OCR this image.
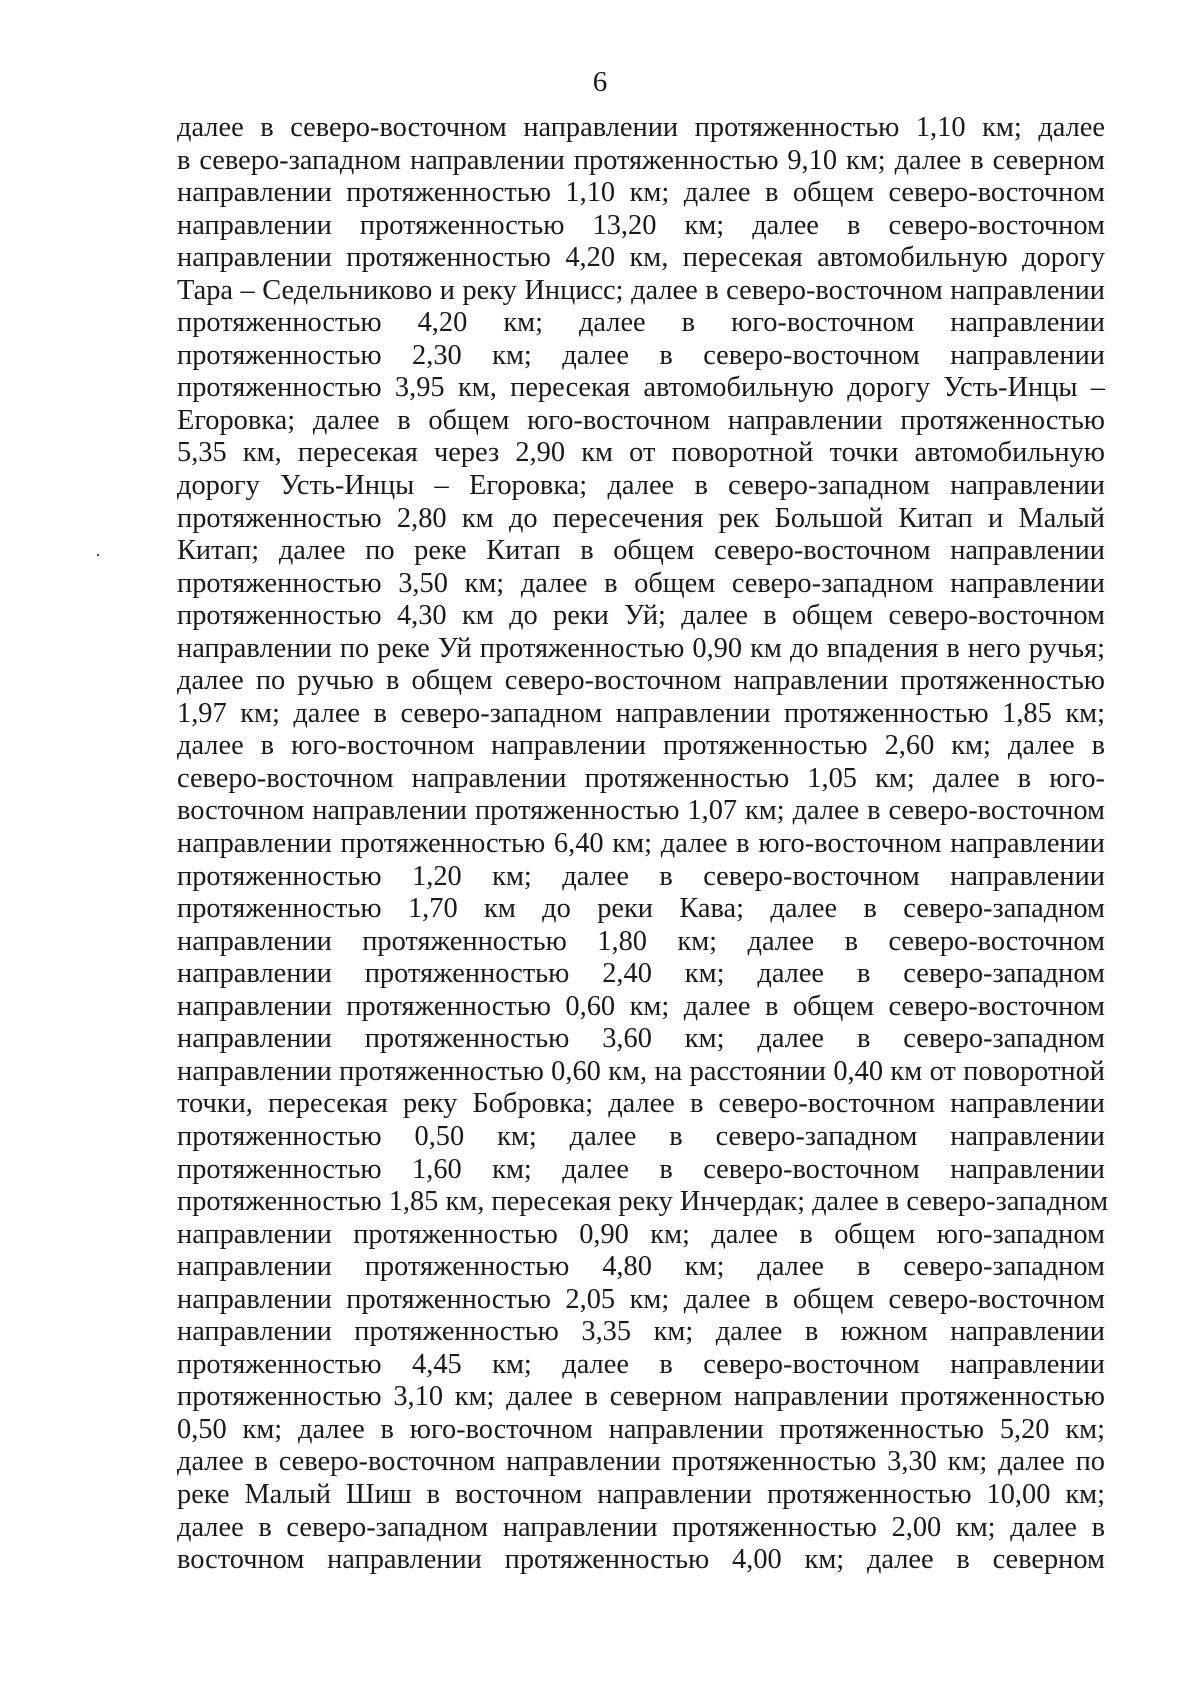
6
далее в северо-восточном направлении протяженностью 1,10 км; далее
в северо-западном направлении протяженностью 9,10 км; далее в северном
направлении протяженностью 1,10 км; далее в общем северо-восточном
направлении протяженностью 13,20 км; далее в северо-восточном
направлении протяженностью 4,20 км, пересекая автомобильную дорогу
Тара – Седельниково и реку Инцисс; далее в северо-восточном направлении
протяженностью 4,20 км; далее в юго-восточном направлении
протяженностью 2,30 км; далее в северо-восточном направлении
протяженностью 3,95 км, пересекая автомобильную дорогу Усть-Инцы –
Егоровка; далее в общем юго-восточном направлении протяженностью
5,35 км, пересекая через 2,90 км от поворотной точки автомобильную
дорогу Усть-Инцы – Егоровка; далее в северо-западном направлении
протяженностью 2,80 км до пересечения рек Большой Китап и Малый
Китап; далее по реке Китап в общем северо-восточном направлении
протяженностью 3,50 км; далее в общем северо-западном направлении
протяженностью 4,30 км до реки Уй; далее в общем северо-восточном
направлении по реке Уй протяженностью 0,90 км до впадения в него ручья;
далее по ручью в общем северо-восточном направлении протяженностью
1,97 км; далее в северо-западном направлении протяженностью 1,85 км;
далее в юго-восточном направлении протяженностью 2,60 км; далее в
северо-восточном направлении протяженностью 1,05 км; далее в юго-
восточном направлении протяженностью 1,07 км; далее в северо-восточном
направлении протяженностью 6,40 км; далее в юго-восточном направлении
протяженностью 1,20 км; далее в северо-восточном направлении
протяженностью 1,70 км до реки Кава; далее в северо-западном
направлении протяженностью 1,80 км; далее в северо-восточном
направлении протяженностью 2,40 км; далее в северо-западном
направлении протяженностью 0,60 км; далее в общем северо-восточном
направлении протяженностью 3,60 км; далее в северо-западном
направлении протяженностью 0,60 км, на расстоянии 0,40 км от поворотной
точки, пересекая реку Бобровка; далее в северо-восточном направлении
протяженностью 0,50 км; далее в северо-западном направлении
протяженностью 1,60 км; далее в северо-восточном направлении
протяженностью 1,85 км, пересекая реку Инчердак; далее в северо-западном
направлении протяженностью 0,90 км; далее в общем юго-западном
направлении протяженностью 4,80 км; далее в северо-западном
направлении протяженностью 2,05 км; далее в общем северо-восточном
направлении протяженностью 3,35 км; далее в южном направлении
протяженностью 4,45 км; далее в северо-восточном направлении
протяженностью 3,10 км; далее в северном направлении протяженностью
0,50 км; далее в юго-восточном направлении протяженностью 5,20 км;
далее в северо-восточном направлении протяженностью 3,30 км; далее по
реке Малый Шиш в восточном направлении протяженностью 10,00 км;
далее в северо-западном направлении протяженностью 2,00 км; далее в
восточном направлении протяженностью 4,00 км; далее в северном
